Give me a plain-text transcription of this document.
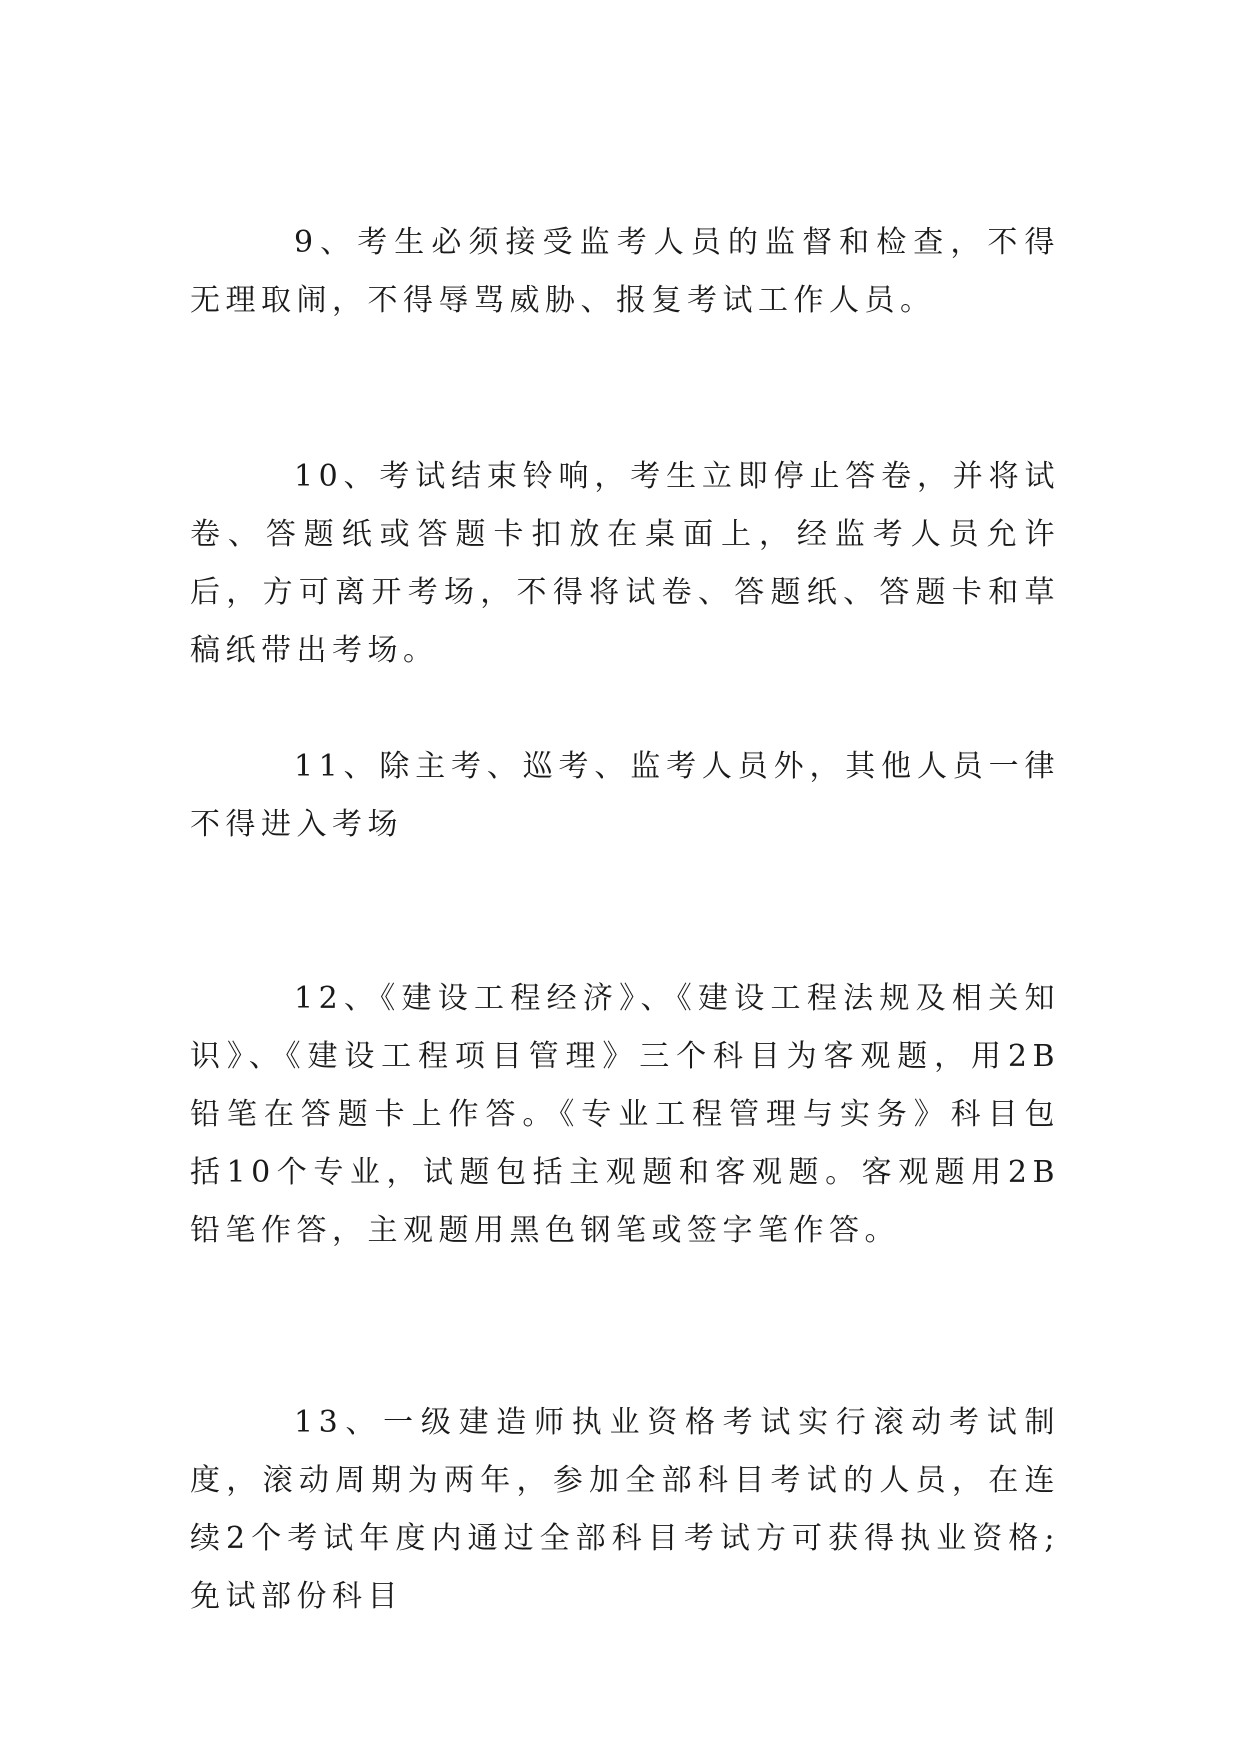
9、考生必须接受监考人员的监督和检查，不得无理取闹，不得辱骂威胁、报复考试工作人员。

10、考试结束铃响，考生立即停止答卷，并将试卷、答题纸或答题卡扣放在桌面上，经监考人员允许后，方可离开考场，不得将试卷、答题纸、答题卡和草稿纸带出考场。

11、除主考、巡考、监考人员外，其他人员一律不得进入考场

12、《建设工程经济》、《建设工程法规及相关知识》、《建设工程项目管理》三个科目为客观题，用2B铅笔在答题卡上作答。《专业工程管理与实务》科目包括10个专业，试题包括主观题和客观题。客观题用2B铅笔作答，主观题用黑色钢笔或签字笔作答。

13、一级建造师执业资格考试实行滚动考试制度，滚动周期为两年，参加全部科目考试的人员，在连续2个考试年度内通过全部科目考试方可获得执业资格;免试部份科目
